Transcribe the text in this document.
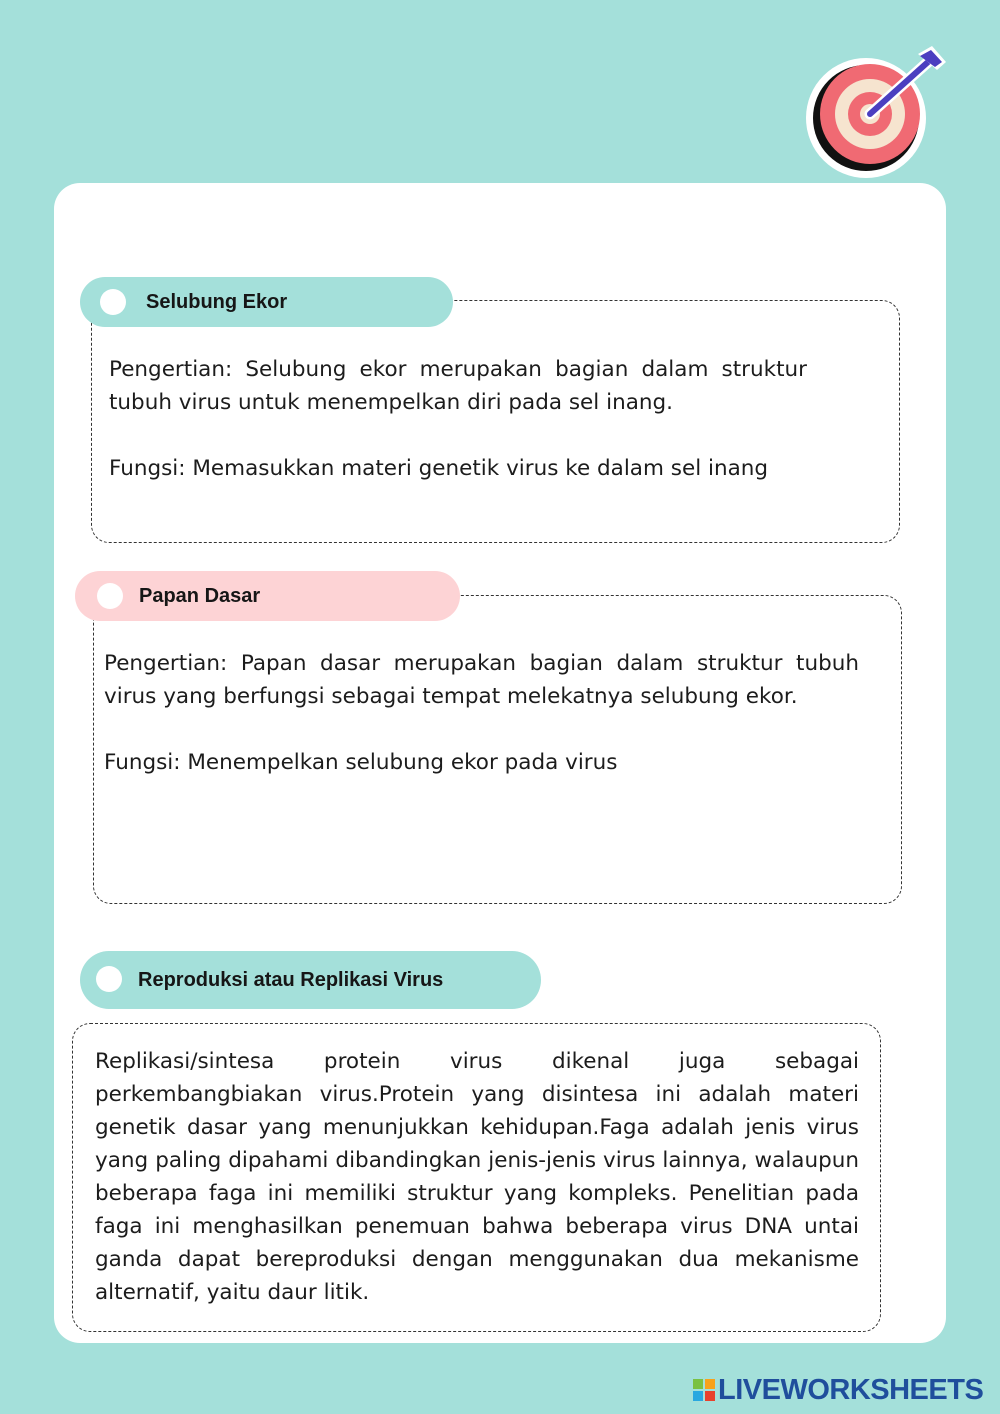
Selubung Ekor

Pengertian: Selubung ekor merupakan bagian dalam struktur tubuh virus untuk menempelkan diri pada sel inang.

Fungsi: Memasukkan materi genetik virus ke dalam sel inang

Papan Dasar

Pengertian: Papan dasar merupakan bagian dalam struktur tubuh virus yang berfungsi sebagai tempat melekatnya selubung ekor.

Fungsi: Menempelkan selubung ekor pada virus

Reproduksi atau Replikasi Virus

Replikasi/sintesa protein virus dikenal juga sebagai perkembangbiakan virus.Protein yang disintesa ini adalah materi genetik dasar yang menunjukkan kehidupan.Faga adalah jenis virus yang paling dipahami dibandingkan jenis-jenis virus lainnya, walaupun beberapa faga ini memiliki struktur yang kompleks. Penelitian pada faga ini menghasilkan penemuan bahwa beberapa virus DNA untai ganda dapat bereproduksi dengan menggunakan dua mekanisme alternatif, yaitu daur litik.

LIVEWORKSHEETS
